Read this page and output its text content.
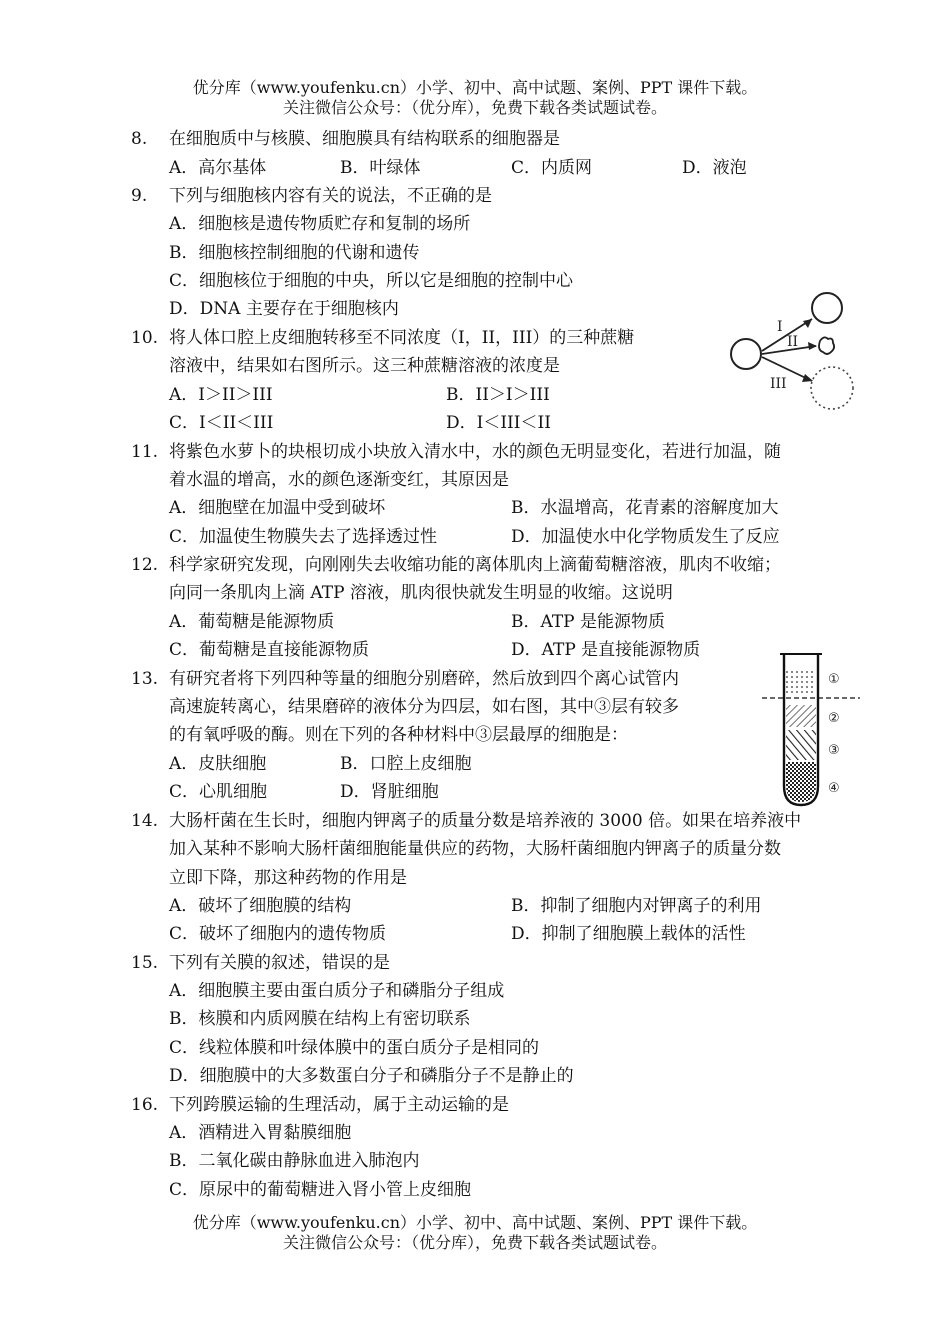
优分库（www.youfenku.cn）小学、初中、高中试题、案例、PPT 课件下载。
关注微信公众号：（优分库），免费下载各类试题试卷。
8. 在细胞质中与核膜、细胞膜具有结构联系的细胞器是
A．高尔基体	B．叶绿体	C．内质网	D．液泡
9. 下列与细胞核内容有关的说法，不正确的是
A．细胞核是遗传物质贮存和复制的场所
B．细胞核控制细胞的代谢和遗传
C．细胞核位于细胞的中央，所以它是细胞的控制中心
D．DNA 主要存在于细胞核内
10. 将人体口腔上皮细胞转移至不同浓度（I，II，III）的三种蔗糖
溶液中，结果如右图所示。这三种蔗糖溶液的浓度是
A．I＞II＞III	B．II＞I＞III
C．I＜II＜III	D．I＜III＜II
I
II
III
11. 将紫色水萝卜的块根切成小块放入清水中，水的颜色无明显变化，若进行加温，随
着水温的增高，水的颜色逐渐变红，其原因是
A．细胞壁在加温中受到破坏	B．水温增高，花青素的溶解度加大
C．加温使生物膜失去了选择透过性	D．加温使水中化学物质发生了反应
12. 科学家研究发现，向刚刚失去收缩功能的离体肌肉上滴葡萄糖溶液，肌肉不收缩；
向同一条肌肉上滴 ATP 溶液，肌肉很快就发生明显的收缩。这说明
A．葡萄糖是能源物质	B．ATP 是能源物质
C．葡萄糖是直接能源物质	D．ATP 是直接能源物质
13. 有研究者将下列四种等量的细胞分别磨碎，然后放到四个离心试管内
高速旋转离心，结果磨碎的液体分为四层，如右图，其中③层有较多
的有氧呼吸的酶。则在下列的各种材料中③层最厚的细胞是：
A．皮肤细胞	B．口腔上皮细胞
C．心肌细胞	D．肾脏细胞
①
②
③
④
14. 大肠杆菌在生长时，细胞内钾离子的质量分数是培养液的 3000 倍。如果在培养液中
加入某种不影响大肠杆菌细胞能量供应的药物，大肠杆菌细胞内钾离子的质量分数
立即下降，那这种药物的作用是
A．破坏了细胞膜的结构	B．抑制了细胞内对钾离子的利用
C．破坏了细胞内的遗传物质	D．抑制了细胞膜上载体的活性
15. 下列有关膜的叙述，错误的是
A．细胞膜主要由蛋白质分子和磷脂分子组成
B．核膜和内质网膜在结构上有密切联系
C．线粒体膜和叶绿体膜中的蛋白质分子是相同的
D．细胞膜中的大多数蛋白分子和磷脂分子不是静止的
16. 下列跨膜运输的生理活动，属于主动运输的是
A．酒精进入胃黏膜细胞
B．二氧化碳由静脉血进入肺泡内
C．原尿中的葡萄糖进入肾小管上皮细胞
优分库（www.youfenku.cn）小学、初中、高中试题、案例、PPT 课件下载。
关注微信公众号：（优分库），免费下载各类试题试卷。
